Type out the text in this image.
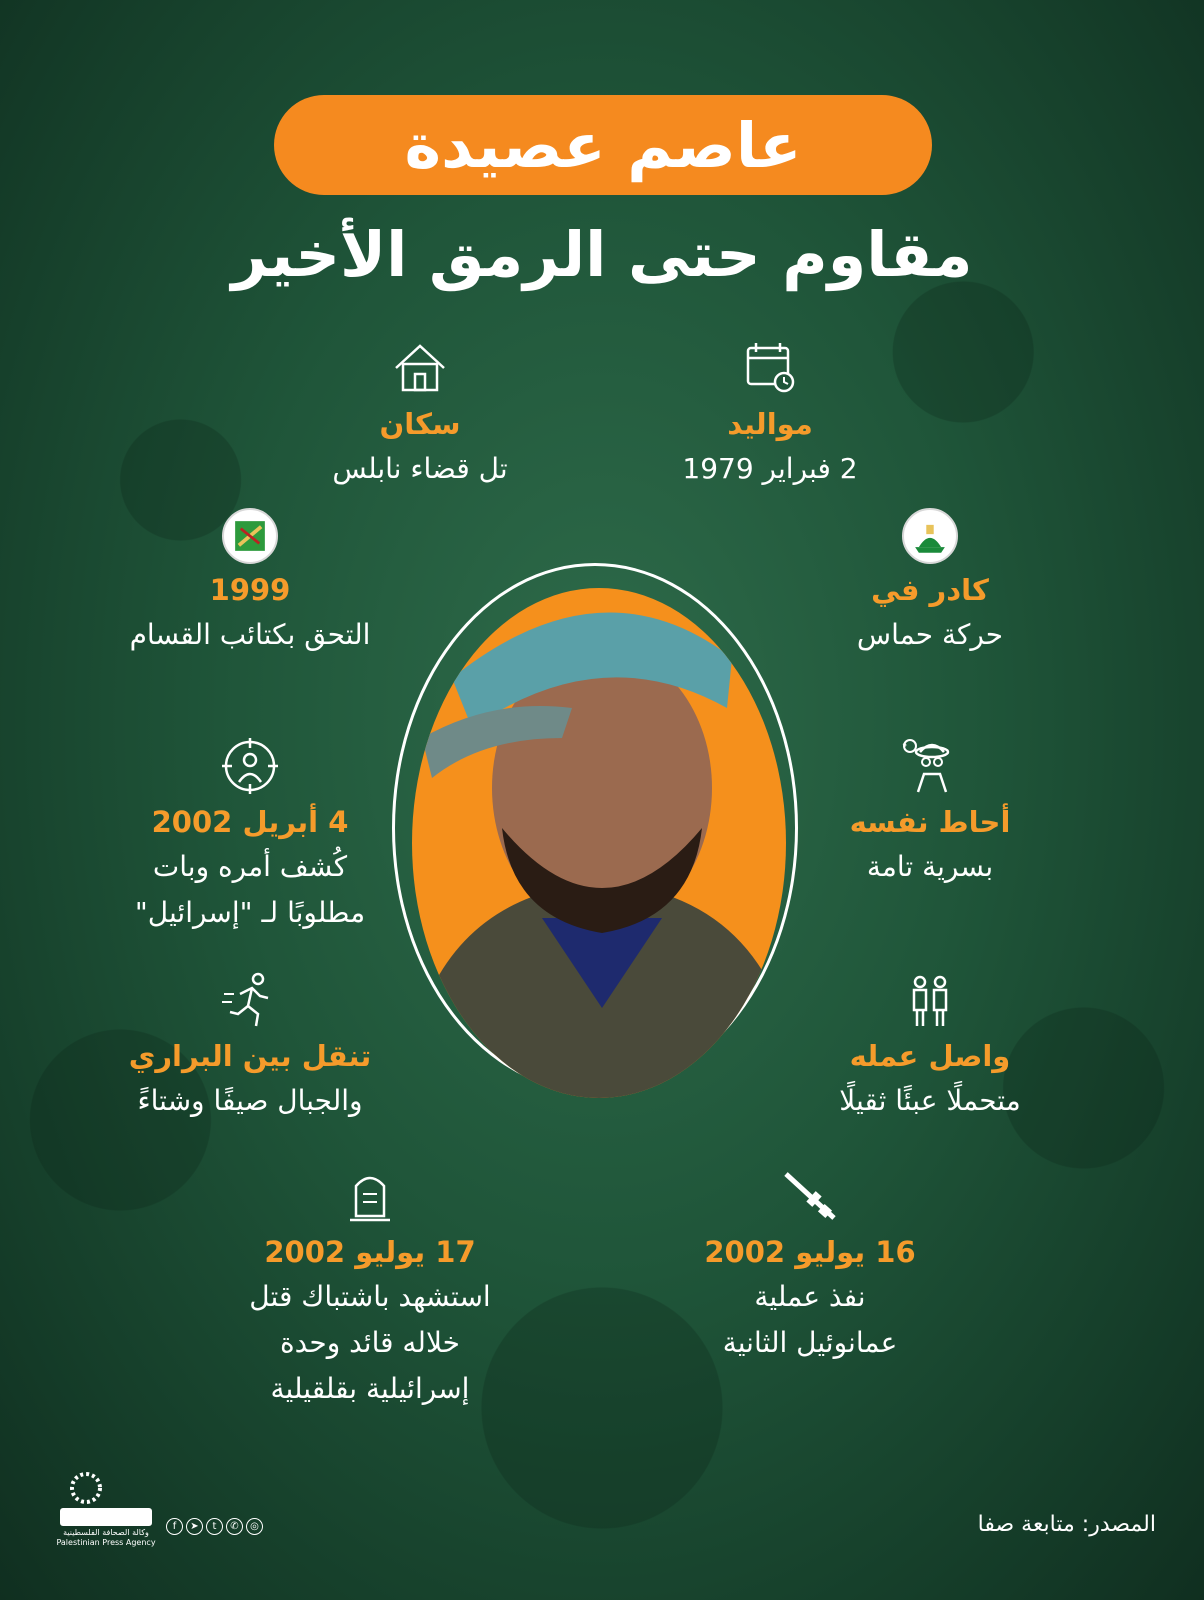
عاصم عصيدة
مقاوم حتى الرمق الأخير
مواليد
2 فبراير 1979
سكان
تل قضاء نابلس
كادر في
حركة حماس
1999
التحق بكتائب القسام
?
أحاط نفسه
بسرية تامة
4 أبريل 2002
كُشف أمره وبات
مطلوبًا لـ "إسرائيل"
واصل عمله
متحملًا عبئًا ثقيلًا
تنقل بين البراري
والجبال صيفًا وشتاءً
16 يوليو 2002
نفذ عملية
عمانوئيل الثانية
17 يوليو 2002
استشهد باشتباك قتل
خلاله قائد وحدة
إسرائيلية بقلقيلية
وكالة الصحافة الفلسطينية
Palestinian Press Agency
f	➤	t	✆	◎	المصدر: متابعة صفا
